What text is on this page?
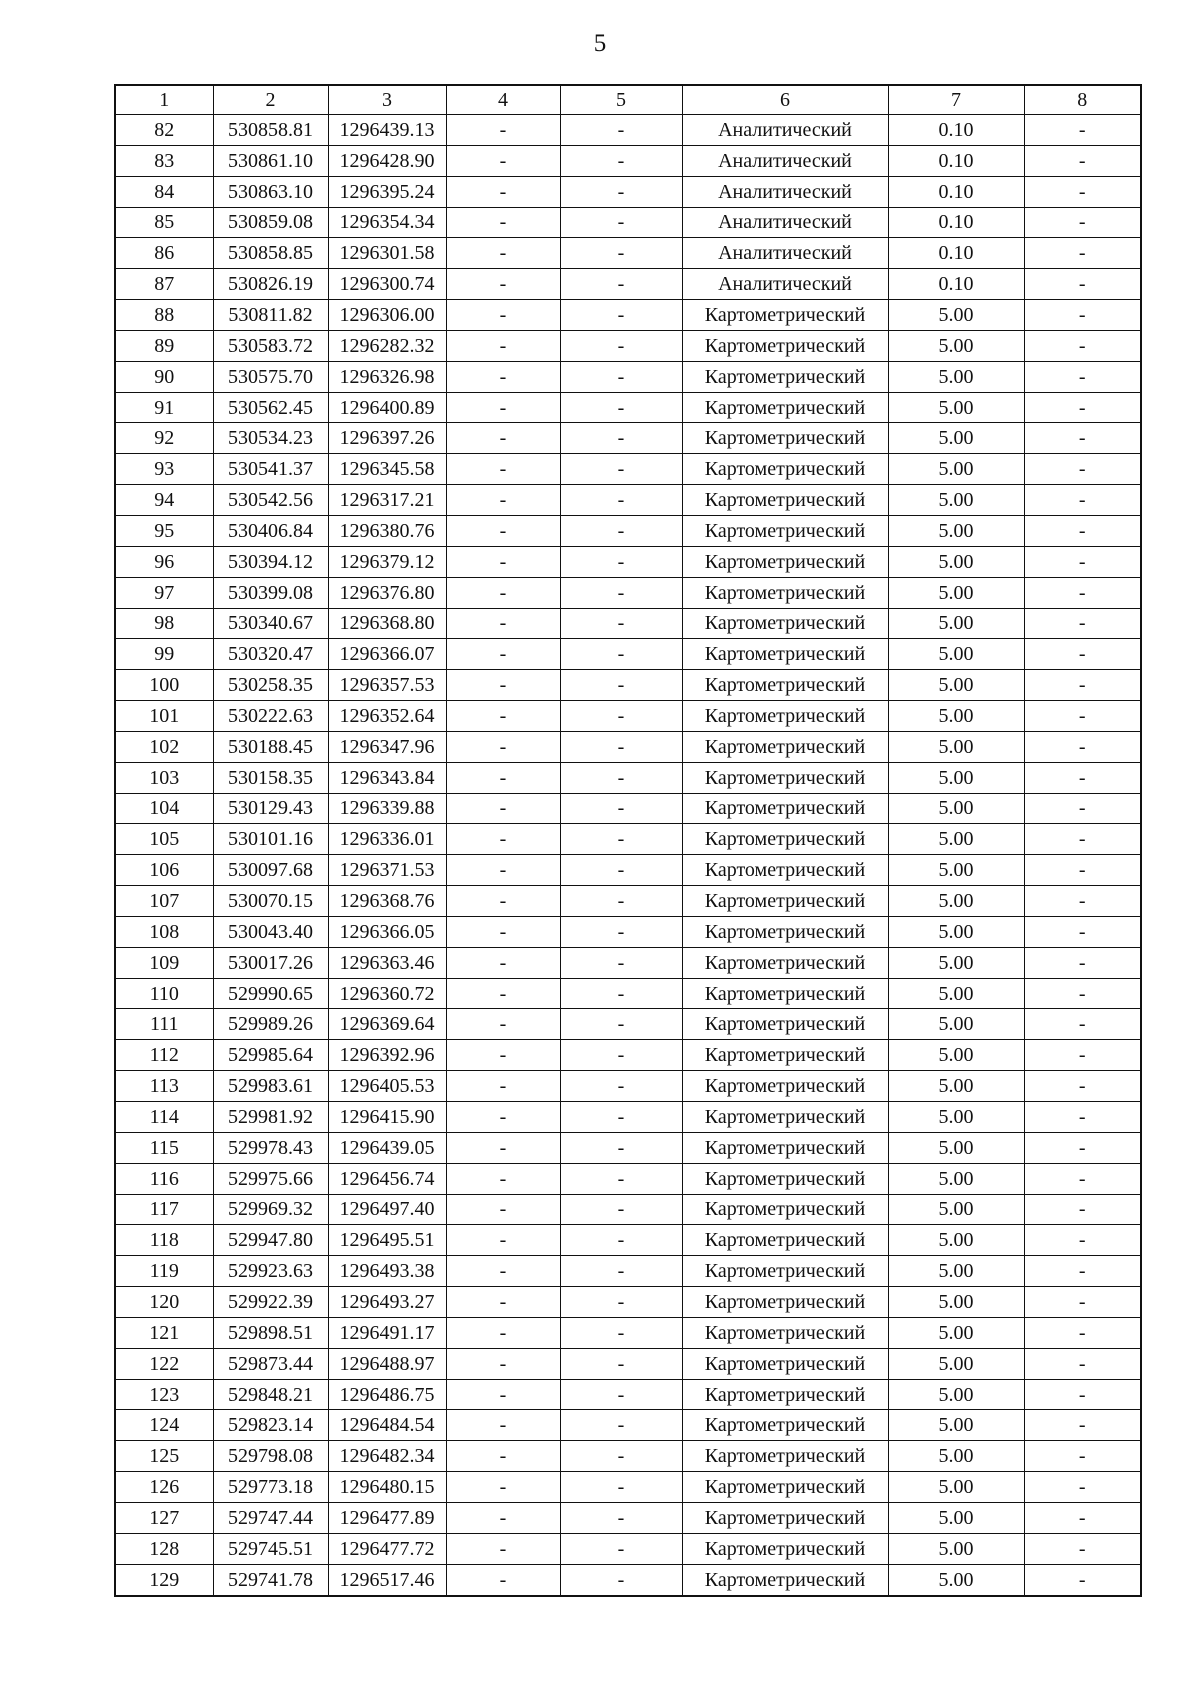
5
1	2	3	4	5	6	7	8
82	530858.81	1296439.13	-	-	Аналитический	0.10	-
83	530861.10	1296428.90	-	-	Аналитический	0.10	-
84	530863.10	1296395.24	-	-	Аналитический	0.10	-
85	530859.08	1296354.34	-	-	Аналитический	0.10	-
86	530858.85	1296301.58	-	-	Аналитический	0.10	-
87	530826.19	1296300.74	-	-	Аналитический	0.10	-
88	530811.82	1296306.00	-	-	Картометрический	5.00	-
89	530583.72	1296282.32	-	-	Картометрический	5.00	-
90	530575.70	1296326.98	-	-	Картометрический	5.00	-
91	530562.45	1296400.89	-	-	Картометрический	5.00	-
92	530534.23	1296397.26	-	-	Картометрический	5.00	-
93	530541.37	1296345.58	-	-	Картометрический	5.00	-
94	530542.56	1296317.21	-	-	Картометрический	5.00	-
95	530406.84	1296380.76	-	-	Картометрический	5.00	-
96	530394.12	1296379.12	-	-	Картометрический	5.00	-
97	530399.08	1296376.80	-	-	Картометрический	5.00	-
98	530340.67	1296368.80	-	-	Картометрический	5.00	-
99	530320.47	1296366.07	-	-	Картометрический	5.00	-
100	530258.35	1296357.53	-	-	Картометрический	5.00	-
101	530222.63	1296352.64	-	-	Картометрический	5.00	-
102	530188.45	1296347.96	-	-	Картометрический	5.00	-
103	530158.35	1296343.84	-	-	Картометрический	5.00	-
104	530129.43	1296339.88	-	-	Картометрический	5.00	-
105	530101.16	1296336.01	-	-	Картометрический	5.00	-
106	530097.68	1296371.53	-	-	Картометрический	5.00	-
107	530070.15	1296368.76	-	-	Картометрический	5.00	-
108	530043.40	1296366.05	-	-	Картометрический	5.00	-
109	530017.26	1296363.46	-	-	Картометрический	5.00	-
110	529990.65	1296360.72	-	-	Картометрический	5.00	-
111	529989.26	1296369.64	-	-	Картометрический	5.00	-
112	529985.64	1296392.96	-	-	Картометрический	5.00	-
113	529983.61	1296405.53	-	-	Картометрический	5.00	-
114	529981.92	1296415.90	-	-	Картометрический	5.00	-
115	529978.43	1296439.05	-	-	Картометрический	5.00	-
116	529975.66	1296456.74	-	-	Картометрический	5.00	-
117	529969.32	1296497.40	-	-	Картометрический	5.00	-
118	529947.80	1296495.51	-	-	Картометрический	5.00	-
119	529923.63	1296493.38	-	-	Картометрический	5.00	-
120	529922.39	1296493.27	-	-	Картометрический	5.00	-
121	529898.51	1296491.17	-	-	Картометрический	5.00	-
122	529873.44	1296488.97	-	-	Картометрический	5.00	-
123	529848.21	1296486.75	-	-	Картометрический	5.00	-
124	529823.14	1296484.54	-	-	Картометрический	5.00	-
125	529798.08	1296482.34	-	-	Картометрический	5.00	-
126	529773.18	1296480.15	-	-	Картометрический	5.00	-
127	529747.44	1296477.89	-	-	Картометрический	5.00	-
128	529745.51	1296477.72	-	-	Картометрический	5.00	-
129	529741.78	1296517.46	-	-	Картометрический	5.00	-
